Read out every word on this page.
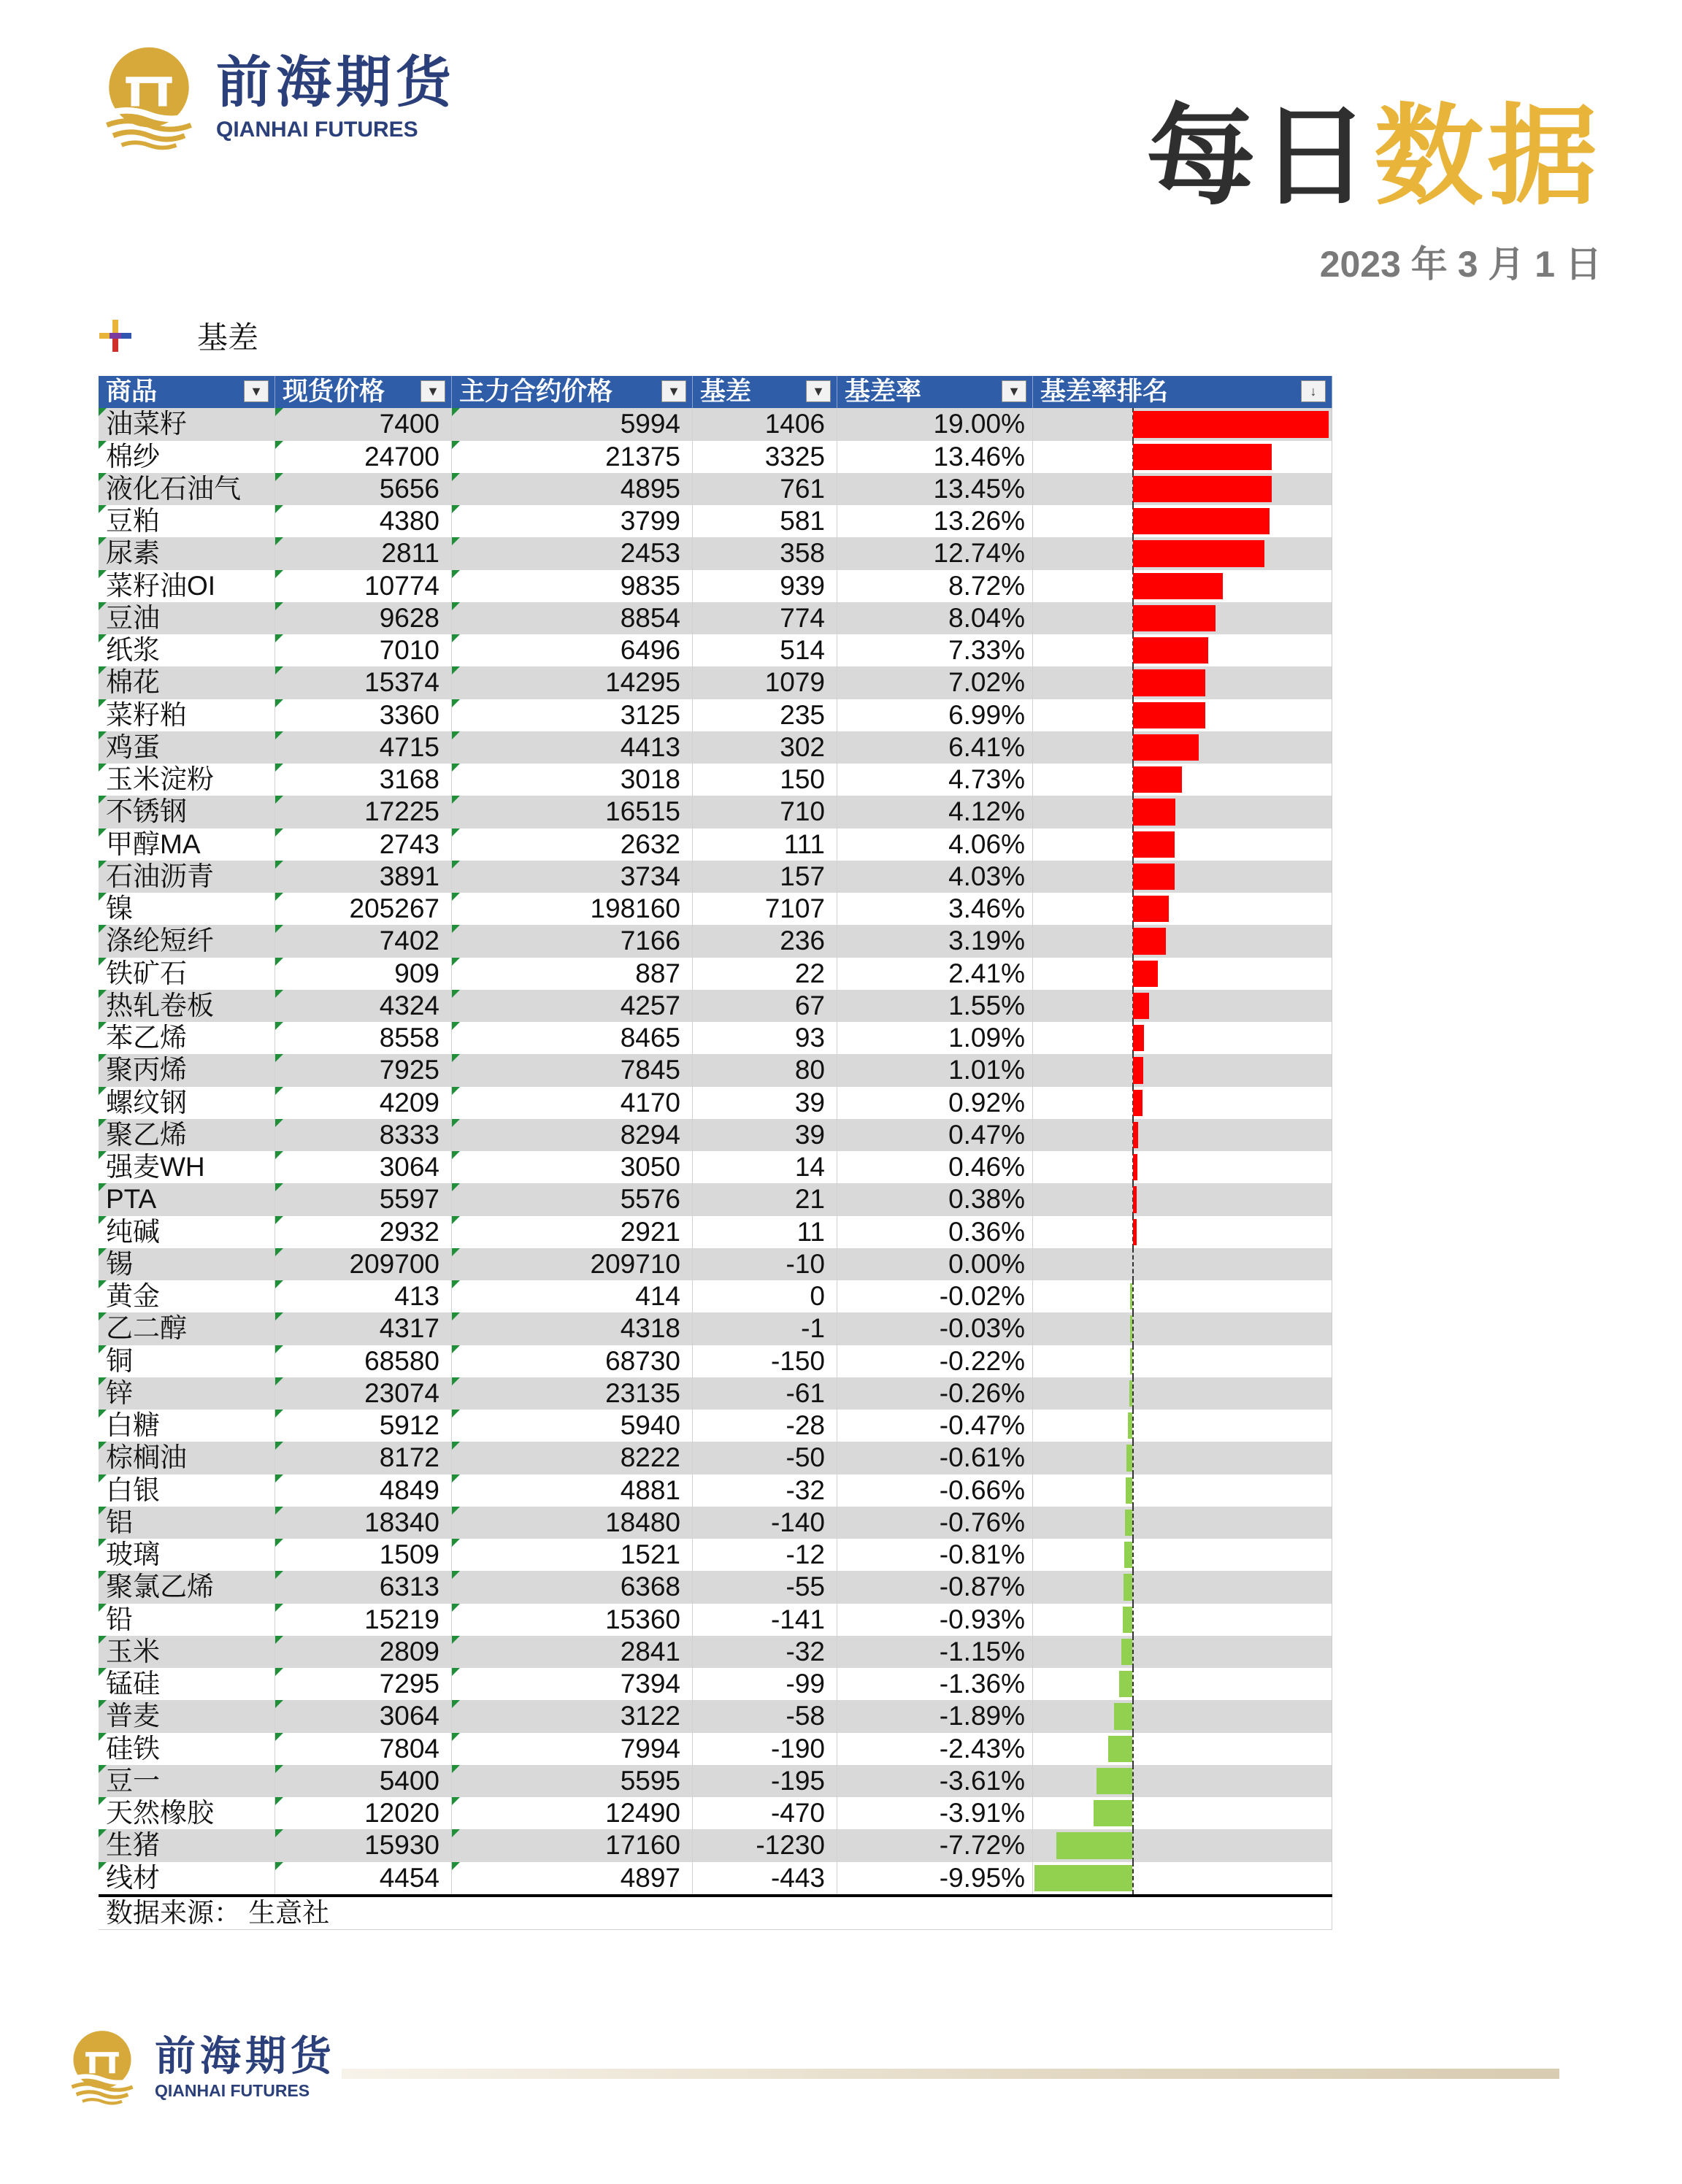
前海期货
QIANHAI FUTURES	每日数据
2023 年 3 月 1 日
基差
商品	▼ 现货价格	▼ 主力合约价格	▼ 基差	▼ 基差率	▼ 基差率排名	↓
油菜籽	7400	5994	1406	19.00%
棉纱	24700	21375	3325	13.46%
液化石油气	5656	4895	761	13.45%
豆粕	4380	3799	581	13.26%
尿素	2811	2453	358	12.74%
菜籽油OI	10774	9835	939	8.72%
豆油	9628	8854	774	8.04%
纸浆	7010	6496	514	7.33%
棉花	15374	14295	1079	7.02%
菜籽粕	3360	3125	235	6.99%
鸡蛋	4715	4413	302	6.41%
玉米淀粉	3168	3018	150	4.73%
不锈钢	17225	16515	710	4.12%
甲醇MA	2743	2632	111	4.06%
石油沥青	3891	3734	157	4.03%
镍	205267	198160	7107	3.46%
涤纶短纤	7402	7166	236	3.19%
铁矿石	909	887	22	2.41%
热轧卷板	4324	4257	67	1.55%
苯乙烯	8558	8465	93	1.09%
聚丙烯	7925	7845	80	1.01%
螺纹钢	4209	4170	39	0.92%
聚乙烯	8333	8294	39	0.47%
强麦WH	3064	3050	14	0.46%
PTA	5597	5576	21	0.38%
纯碱	2932	2921	11	0.36%
锡	209700	209710	-10	0.00%
黄金	413	414	0	-0.02%
乙二醇	4317	4318	-1	-0.03%
铜	68580	68730	-150	-0.22%
锌	23074	23135	-61	-0.26%
白糖	5912	5940	-28	-0.47%
棕榈油	8172	8222	-50	-0.61%
白银	4849	4881	-32	-0.66%
铝	18340	18480	-140	-0.76%
玻璃	1509	1521	-12	-0.81%
聚氯乙烯	6313	6368	-55	-0.87%
铅	15219	15360	-141	-0.93%
玉米	2809	2841	-32	-1.15%
锰硅	7295	7394	-99	-1.36%
普麦	3064	3122	-58	-1.89%
硅铁	7804	7994	-190	-2.43%
豆一	5400	5595	-195	-3.61%
天然橡胶	12020	12490	-470	-3.91%
生猪	15930	17160	-1230	-7.72%
线材	4454	4897	-443	-9.95%
数据来源： 生意社
前海期货
QIANHAI FUTURES
